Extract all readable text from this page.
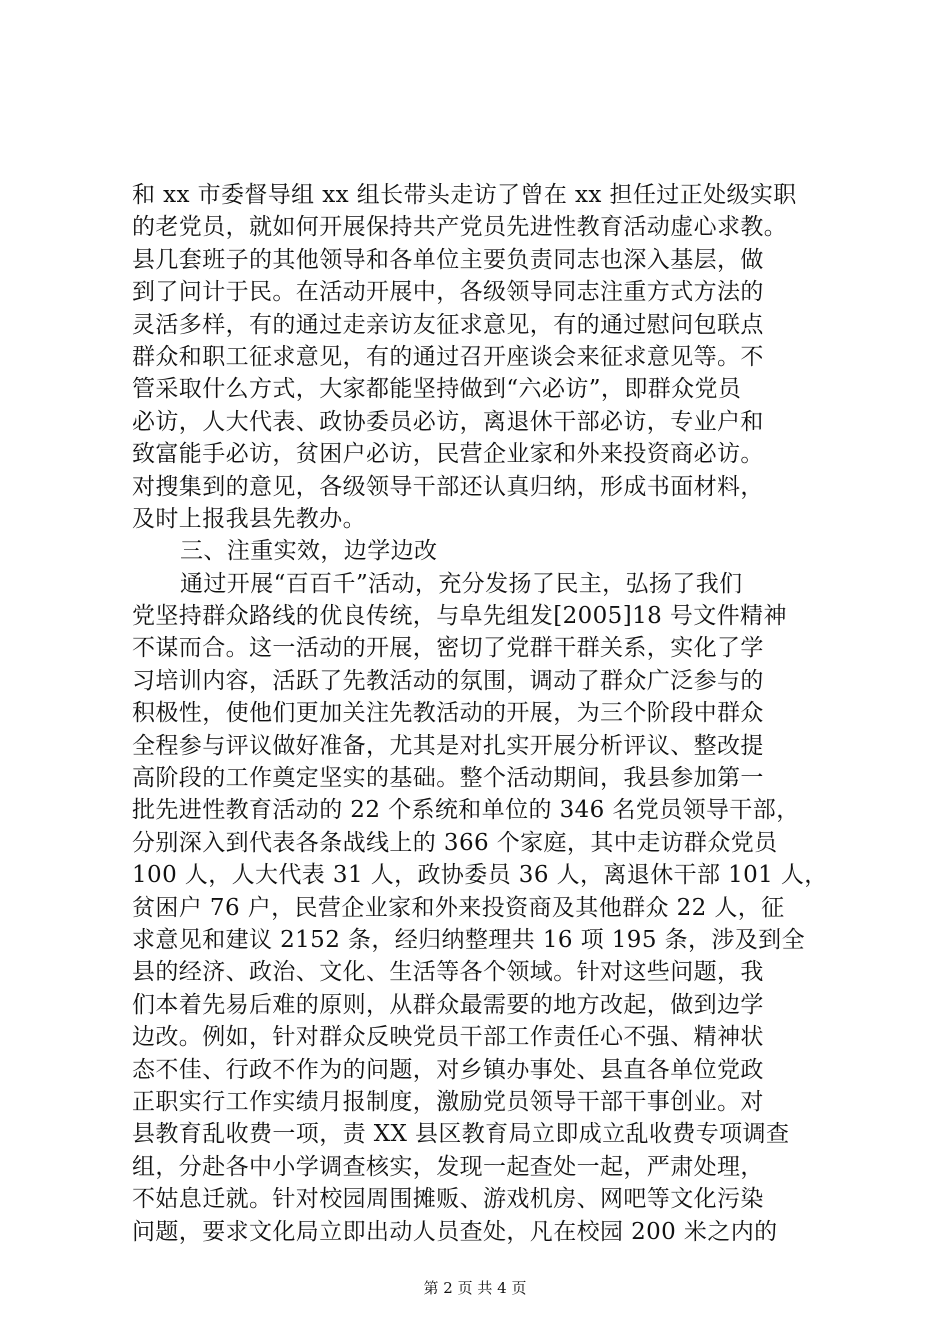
和 xx 市委督导组 xx 组长带头走访了曾在 xx 担任过正处级实职
的老党员，就如何开展保持共产党员先进性教育活动虚心求教。
县几套班子的其他领导和各单位主要负责同志也深入基层，做
到了问计于民。在活动开展中，各级领导同志注重方式方法的
灵活多样，有的通过走亲访友征求意见，有的通过慰问包联点
群众和职工征求意见，有的通过召开座谈会来征求意见等。不
管采取什么方式，大家都能坚持做到“六必访”，即群众党员
必访，人大代表、政协委员必访，离退休干部必访，专业户和
致富能手必访，贫困户必访，民营企业家和外来投资商必访。
对搜集到的意见，各级领导干部还认真归纳，形成书面材料，
及时上报我县先教办。
三、注重实效，边学边改
通过开展“百百千”活动，充分发扬了民主，弘扬了我们
党坚持群众路线的优良传统，与阜先组发[2005]18 号文件精神
不谋而合。这一活动的开展，密切了党群干群关系，实化了学
习培训内容，活跃了先教活动的氛围，调动了群众广泛参与的
积极性，使他们更加关注先教活动的开展，为三个阶段中群众
全程参与评议做好准备，尤其是对扎实开展分析评议、整改提
高阶段的工作奠定坚实的基础。整个活动期间，我县参加第一
批先进性教育活动的 22 个系统和单位的 346 名党员领导干部，
分别深入到代表各条战线上的 366 个家庭，其中走访群众党员
100 人，人大代表 31 人，政协委员 36 人，离退休干部 101 人，
贫困户 76 户，民营企业家和外来投资商及其他群众 22 人，征
求意见和建议 2152 条，经归纳整理共 16 项 195 条，涉及到全
县的经济、政治、文化、生活等各个领域。针对这些问题，我
们本着先易后难的原则，从群众最需要的地方改起，做到边学
边改。例如，针对群众反映党员干部工作责任心不强、精神状
态不佳、行政不作为的问题，对乡镇办事处、县直各单位党政
正职实行工作实绩月报制度，激励党员领导干部干事创业。对
县教育乱收费一项，责 XX 县区教育局立即成立乱收费专项调查
组，分赴各中小学调查核实，发现一起查处一起，严肃处理，
不姑息迁就。针对校园周围摊贩、游戏机房、网吧等文化污染
问题，要求文化局立即出动人员查处，凡在校园 200 米之内的
第 2 页 共 4 页
